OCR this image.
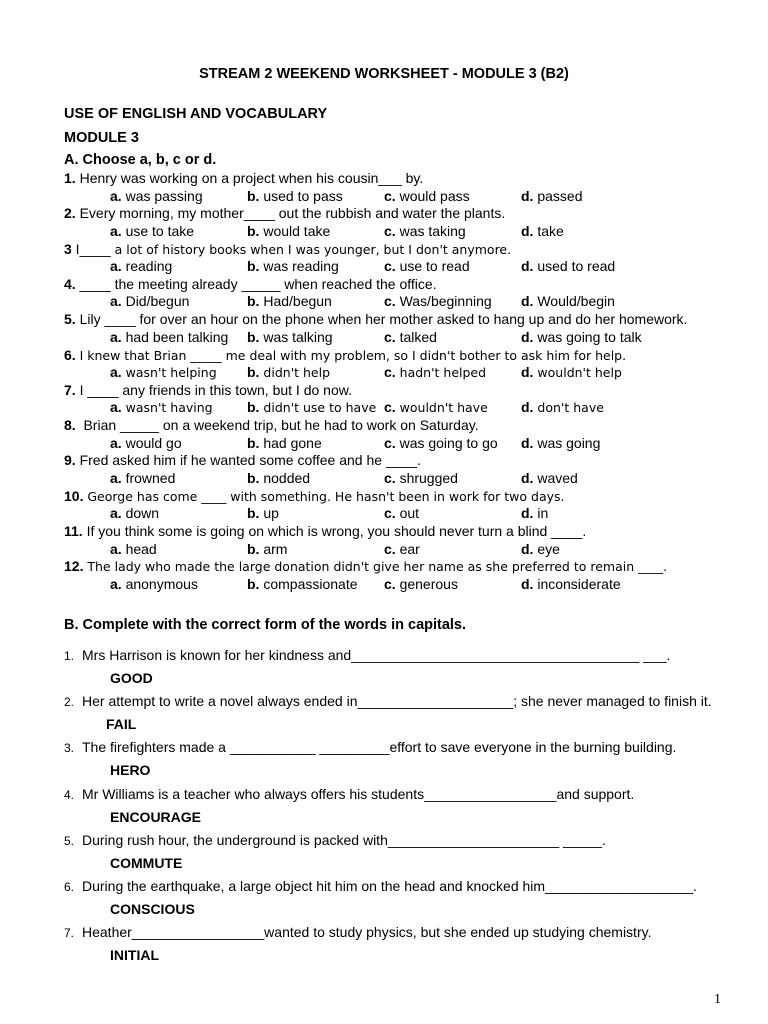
STREAM 2 WEEKEND WORKSHEET - MODULE 3 (B2)
USE OF ENGLISH AND VOCABULARY
MODULE 3
A. Choose a, b, c or d.
1. Henry was working on a project when his cousin___ by.
a. was passing	b. used to pass	c. would pass	d. passed
2. Every morning, my mother____ out the rubbish and water the plants.
a. use to take	b. would take	c. was taking	d. take
3 I____ a lot of history books when I was younger, but I don't anymore.
a. reading	b. was reading	c. use to read	d. used to read
4. ____ the meeting already _____ when reached the office.
a. Did/begun	b. Had/begun	c. Was/beginning d. Would/begin
5. Lily ____ for over an hour on the phone when her mother asked to hang up and do her homework.
a. had been talking b. was talking	c. talked	d. was going to talk
6. I knew that Brian _____ me deal with my problem, so I didn't bother to ask him for help.
a. wasn't helping b. didn't help	c. hadn't helped d. wouldn't help
7. I ____ any friends in this town, but I do now.
a. wasn't having b. didn't use to have c. wouldn't have d. don't have
8.  Brian _____ on a weekend trip, but he had to work on Saturday.
a. would go	b. had gone	c. was going to go d. was going
9. Fred asked him if he wanted some coffee and he ____.
a. frowned	b. nodded	c. shrugged	d. waved
10. George has come ____ with something. He hasn't been in work for two days.
a. down	b. up	c. out	d. in
11. If you think some is going on which is wrong, you should never turn a blind ____.
a. head	b. arm	c. ear	d. eye
12. The lady who made the large donation didn't give her name as she preferred to remain ____.
a. anonymous	b. compassionate c. generous	d. inconsiderate
B. Complete with the correct form of the words in capitals.
1. Mrs Harrison is known for her kindness and_____________________________________ ___.
GOOD
2. Her attempt to write a novel always ended in____________________; she never managed to finish it.
FAIL
3. The firefighters made a ___________ _________effort to save everyone in the burning building.
HERO
4. Mr Williams is a teacher who always offers his students_________________and support.
ENCOURAGE
5. During rush hour, the underground is packed with______________________ _____.
COMMUTE
6. During the earthquake, a large object hit him on the head and knocked him___________________.
CONSCIOUS
7. Heather_________________wanted to study physics, but she ended up studying chemistry.
INITIAL
1
